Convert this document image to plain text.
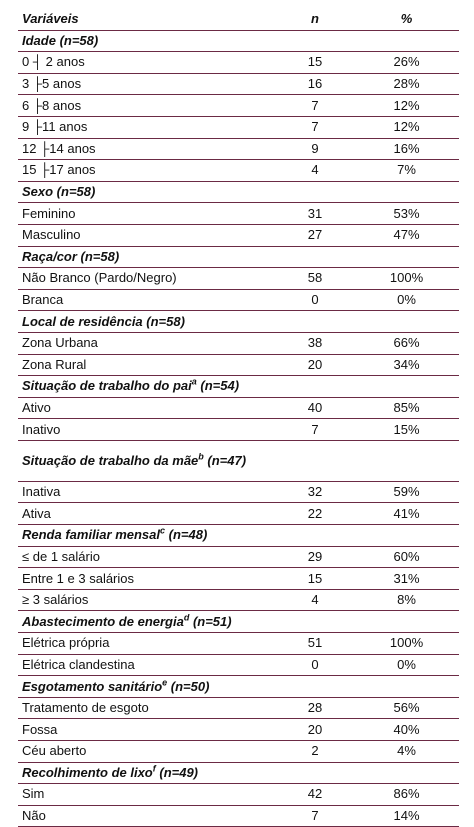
Variáveis	n	%
Idade (n=58)		
0 ┤ 2 anos	15	26%
3 ├5 anos	16	28%
6 ├8 anos	7	12%
9 ├11 anos	7	12%
12 ├14 anos	9	16%
15 ├17 anos	4	7%
Sexo (n=58)		
Feminino	31	53%
Masculino	27	47%
Raça/cor (n=58)		
Não Branco (Pardo/Negro)	58	100%
Branca	0	0%
Local de residência (n=58)		
Zona Urbana	38	66%
Zona Rural	20	34%
Situação de trabalho do pai$^a$ (n=54)		
Ativo	40	85%
Inativo	7	15%
Situação de trabalho da mãe$^b$ (n=47)		
Inativa	32	59%
Ativa	22	41%
Renda familiar mensal$^c$ (n=48)		
≤ de 1 salário	29	60%
Entre 1 e 3 salários	15	31%
≥ 3 salários	4	8%
Abastecimento de energia$^d$ (n=51)		
Elétrica própria	51	100%
Elétrica clandestina	0	0%
Esgotamento sanitário$^e$ (n=50)		
Tratamento de esgoto	28	56%
Fossa	20	40%
Céu aberto	2	4%
Recolhimento de lixo$^f$ (n=49)		
Sim	42	86%
Não	7	14%
